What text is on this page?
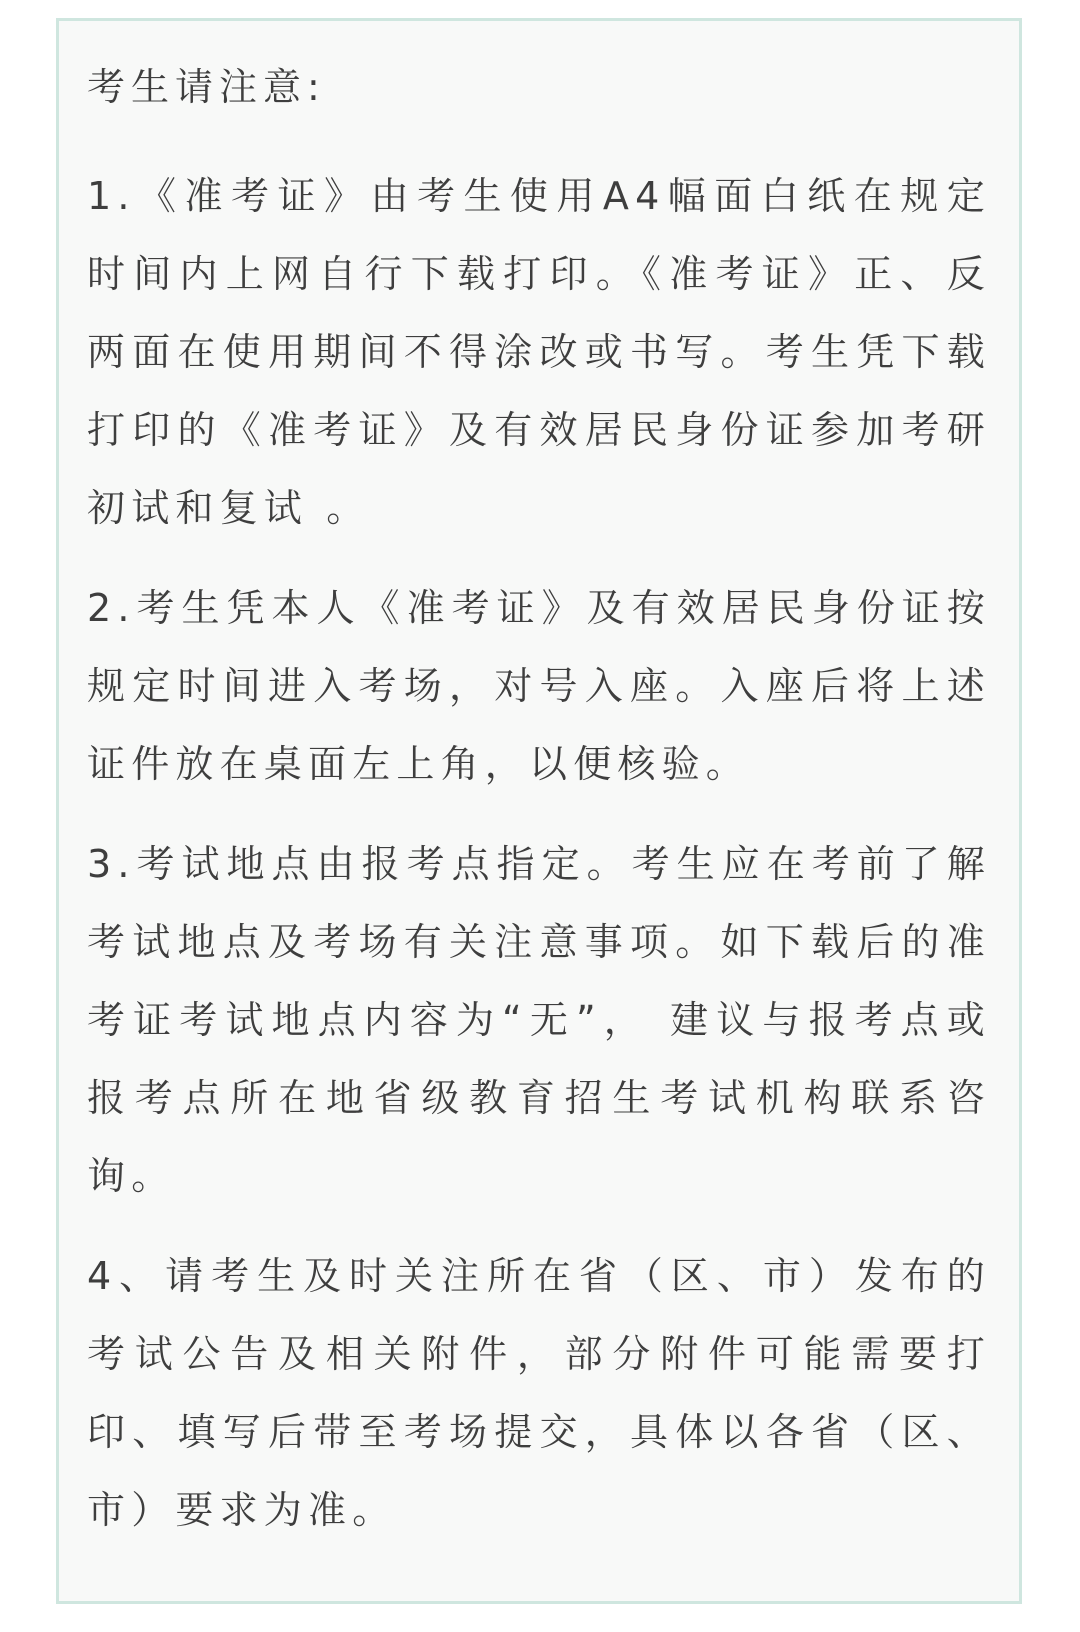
考生请注意:

1.《准考证》由考生使用A4幅面白纸在规定时间内上网自行下载打印。《准考证》正、反两面在使用期间不得涂改或书写。考生凭下载打印的《准考证》及有效居民身份证参加考研初试和复试 。

2.考生凭本人《准考证》及有效居民身份证按规定时间进入考场，对号入座。入座后将上述证件放在桌面左上角，以便核验。

3.考试地点由报考点指定。考生应在考前了解考试地点及考场有关注意事项。如下载后的准考证考试地点内容为“无”， 建议与报考点或报考点所在地省级教育招生考试机构联系咨询。

4、请考生及时关注所在省（区、市）发布的考试公告及相关附件，部分附件可能需要打印、填写后带至考场提交，具体以各省（区、市）要求为准。
